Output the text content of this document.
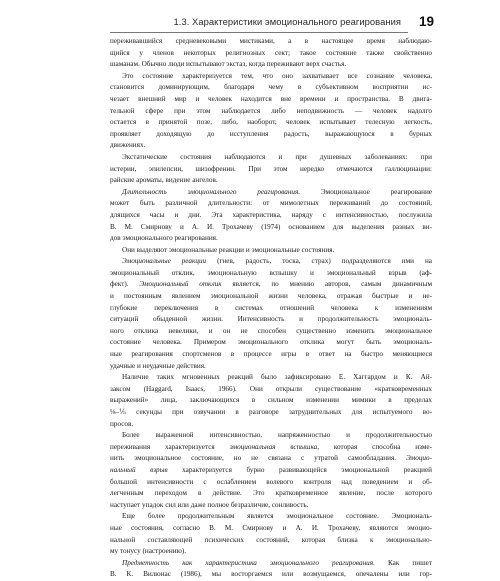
1.3. Характеристики эмоционального реагирования	19
переживавшийся средневековыми мистиками, а в настоящее время наблюдаю-
щийся у членов некоторых религиозных сект; такое состояние также свойственно
шаманам. Обычно люди испытывают экстаз, когда переживают верх счастья.
Это состояние характеризуется тем, что оно захватывает все сознание человека,
становится доминирующим, благодаря чему в субъективном восприятии ис-
чезает внешний мир и человек находится вне времени и пространства. В двига-
тельной сфере при этом наблюдается либо неподвижность — человек надолго
остается в принятой позе, либо, наоборот, человек испытывает телесную легкость,
проявляет доходящую до исступления радость, выражающуюся в бурных
движениях.
Экстатические состояния наблюдаются и при душевных заболеваниях: при
истерии, эпилепсии, шизофрении. При этом нередко отмечаются галлюцинации:
райские ароматы, видение ангелов.
Длительность эмоционального реагирования. Эмоциональное реагирование
может быть различной длительности: от мимолетных переживаний до состояний,
длящихся часы и дни. Эта характеристика, наряду с интенсивностью, послужила
В. М. Смирнову и А. И. Трохачеву (1974) основанием для выделения разных ви-
дов эмоционального реагирования.
Они выделяют эмоциональные реакции и эмоциональные состояния.
Эмоциональные реакции (гнев, радость, тоска, страх) подразделяются ими на
эмоциональный отклик, эмоциональную вспышку и эмоциональный взрыв (аф-
фект). Эмоциональный отклик является, по мнению авторов, самым динамичным
и постоянным явлением эмоциональной жизни человека, отражая быстрые и не-
глубокие переключения в системах отношений человека к изменениям
ситуаций обыденной жизни. Интенсивность и продолжительность эмоциональ-
ного отклика невелики, и он не способен существенно изменить эмоциональное
состояние человека. Примером эмоционального отклика могут быть эмоциональ-
ные реагирования спортсменов в процессе игры в ответ на быстро меняющиеся
удачные и неудачные действия.
Наличие таких мгновенных реакций было зафиксировано Е. Хаггардом и К. Ай-
заксом (Haggard, Isaacs, 1966). Они открыли существование «кратковременных
выражений» лица, заключающихся в сильном изменении мимики в пределах
⅛–⅕ секунды при озвучании в разговоре затруднительных для испытуемого во-
просов.
Более выраженной интенсивностью, напряженностью и продолжительностью
переживания характеризуется эмоциональная вспышка, которая способна изме-
нить эмоциональное состояние, но не связана с утратой самообладания. Эмоцио-
нальный взрыв характеризуется бурно развивающейся эмоциональной реакцией
большой интенсивности с ослаблением волевого контроля над поведением и об-
легченным переходом в действие. Это кратковременное явление, после которого
наступает упадок сил или даже полное безразличие, сонливость.
Еще более продолжительным является эмоциональное состояние. Эмоциональ-
ные состояния, согласно В. М. Смирнову и А. И. Трохачеву, являются эмоцио-
нальной составляющей психических состояний, которая близка к эмоционально-
му тонусу (настроению).
Предметность как характеристика эмоционального реагирования. Как пишет
В. К. Вилюнас (1986), мы восторгаемся или возмущаемся, опечалены или гор-
